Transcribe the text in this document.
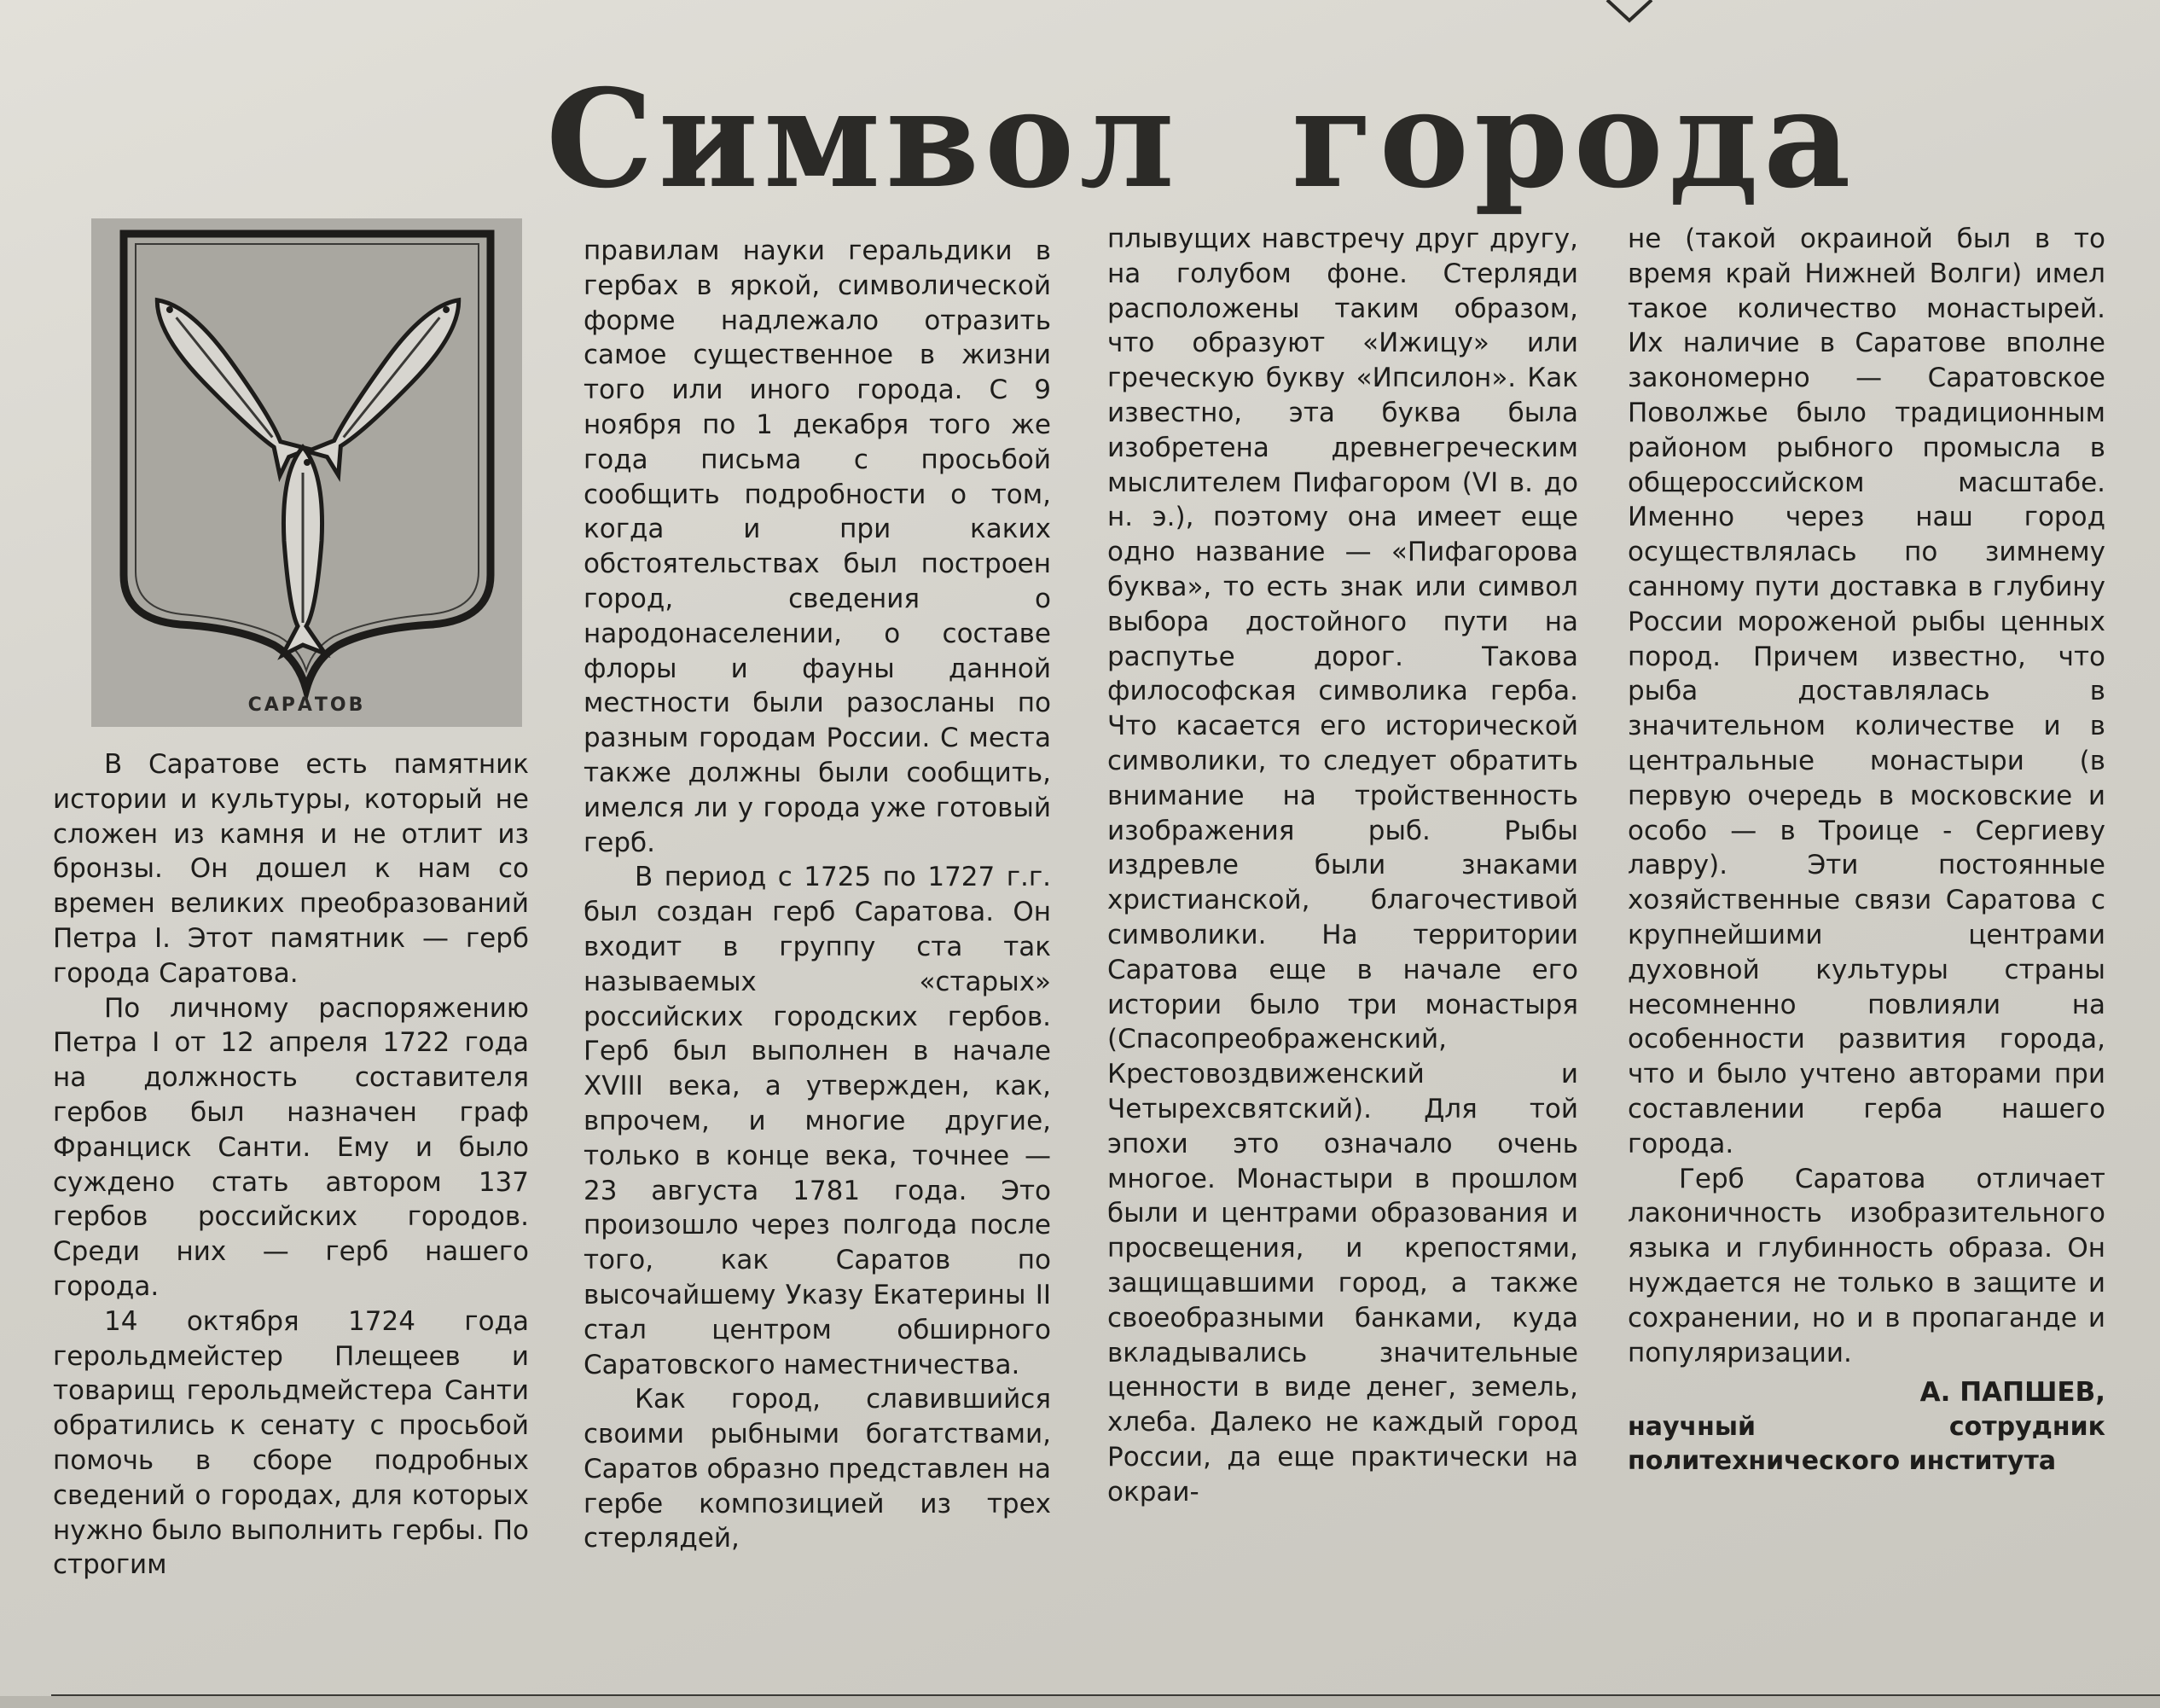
Символ города
САРАТОВ

В Саратове есть памятник истории и культуры, который не сложен из камня и не отлит из бронзы. Он дошел к нам со времен великих преобразований Петра I. Этот памятник — герб города Саратова.

По личному распоряжению Петра I от 12 апреля 1722 года на должность составителя гербов был назначен граф Франциск Санти. Ему и было суждено стать автором 137 гербов российских городов. Среди них — герб нашего города.

14 октября 1724 года герольдмейстер Плещеев и товарищ герольдмейстера Санти обратились к сенату с просьбой помочь в сборе подробных сведений о городах, для которых нужно было выполнить гербы. По строгим

правилам науки геральдики в гербах в яркой, символической форме надлежало отразить самое существенное в жизни того или иного города. С 9 ноября по 1 декабря того же года письма с просьбой сообщить подробности о том, когда и при каких обстоятельствах был построен город, сведения о народонаселении, о составе флоры и фауны данной местности были разосланы по разным городам России. С места также должны были сообщить, имелся ли у города уже готовый герб.

В период с 1725 по 1727 г.г. был создан герб Саратова. Он входит в группу ста так называемых «старых» российских городских гербов. Герб был выполнен в начале XVIII века, а утвержден, как, впрочем, и многие другие, только в конце века, точнее — 23 августа 1781 года. Это произошло через полгода после того, как Саратов по высочайшему Указу Екатерины II стал центром обширного Саратовского наместничества.

Как город, славившийся своими рыбными богатствами, Саратов образно представлен на гербе композицией из трех стерлядей,

плывущих навстречу друг другу, на голубом фоне. Стерляди расположены таким образом, что образуют «Ижицу» или греческую букву «Ипсилон». Как известно, эта буква была изобретена древнегреческим мыслителем Пифагором (VI в. до н. э.), поэтому она имеет еще одно название — «Пифагорова буква», то есть знак или символ выбора достойного пути на распутье дорог. Такова философская символика герба. Что касается его исторической символики, то следует обратить внимание на тройственность изображения рыб. Рыбы издревле были знаками христианской, благочестивой символики. На территории Саратова еще в начале его истории было три монастыря (Спасопреображенский, Крестовоздвиженский и Четырехсвятский). Для той эпохи это означало очень многое. Монастыри в прошлом были и центрами образования и просвещения, и крепостями, защищавшими город, а также своеобразными банками, куда вкладывались значительные ценности в виде денег, земель, хлеба. Далеко не каждый город России, да еще практически на окраи-

не (такой окраиной был в то время край Нижней Волги) имел такое количество монастырей. Их наличие в Саратове вполне закономерно — Саратовское Поволжье было традиционным районом рыбного промысла в общероссийском масштабе. Именно через наш город осуществлялась по зимнему санному пути доставка в глубину России мороженой рыбы ценных пород. Причем известно, что рыба доставлялась в значительном количестве и в центральные монастыри (в первую очередь в московские и особо — в Троице - Сергиеву лавру). Эти постоянные хозяйственные связи Саратова с крупнейшими центрами духовной культуры страны несомненно повлияли на особенности развития города, что и было учтено авторами при составлении герба нашего города.

Герб Саратова отличает лаконичность изобразительного языка и глубинность образа. Он нуждается не только в защите и сохранении, но и в пропаганде и популяризации.

А. ПАПШЕВ,
научный сотрудник политехнического института
